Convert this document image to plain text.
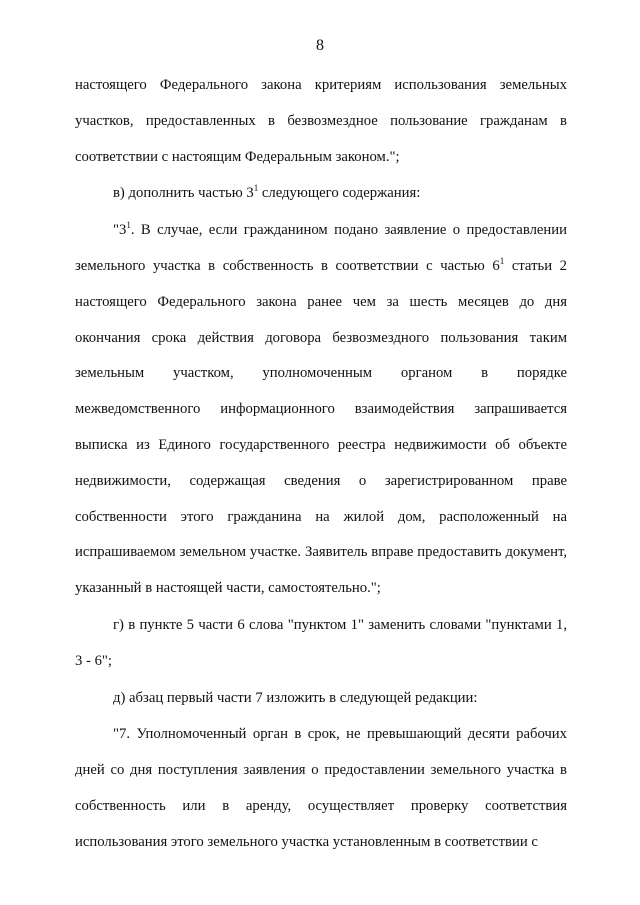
8

настоящего Федерального закона критериям использования земельных участков, предоставленных в безвозмездное пользование гражданам в соответствии с настоящим Федеральным законом.";

в) дополнить частью $3^1$ следующего содержания:

"$3^1$. В случае, если гражданином подано заявление о предоставлении земельного участка в собственность в соответствии с частью $6^1$ статьи 2 настоящего Федерального закона ранее чем за шесть месяцев до дня окончания срока действия договора безвозмездного пользования таким земельным участком, уполномоченным органом в порядке межведомственного информационного взаимодействия запрашивается выписка из Единого государственного реестра недвижимости об объекте недвижимости, содержащая сведения о зарегистрированном праве собственности этого гражданина на жилой дом, расположенный на испрашиваемом земельном участке. Заявитель вправе предоставить документ, указанный в настоящей части, самостоятельно.";

г) в пункте 5 части 6 слова "пунктом 1" заменить словами "пунктами 1, 3 - 6";

д) абзац первый части 7 изложить в следующей редакции:

"7. Уполномоченный орган в срок, не превышающий десяти рабочих дней со дня поступления заявления о предоставлении земельного участка в собственность или в аренду, осуществляет проверку соответствия использования этого земельного участка установленным в соответствии с
